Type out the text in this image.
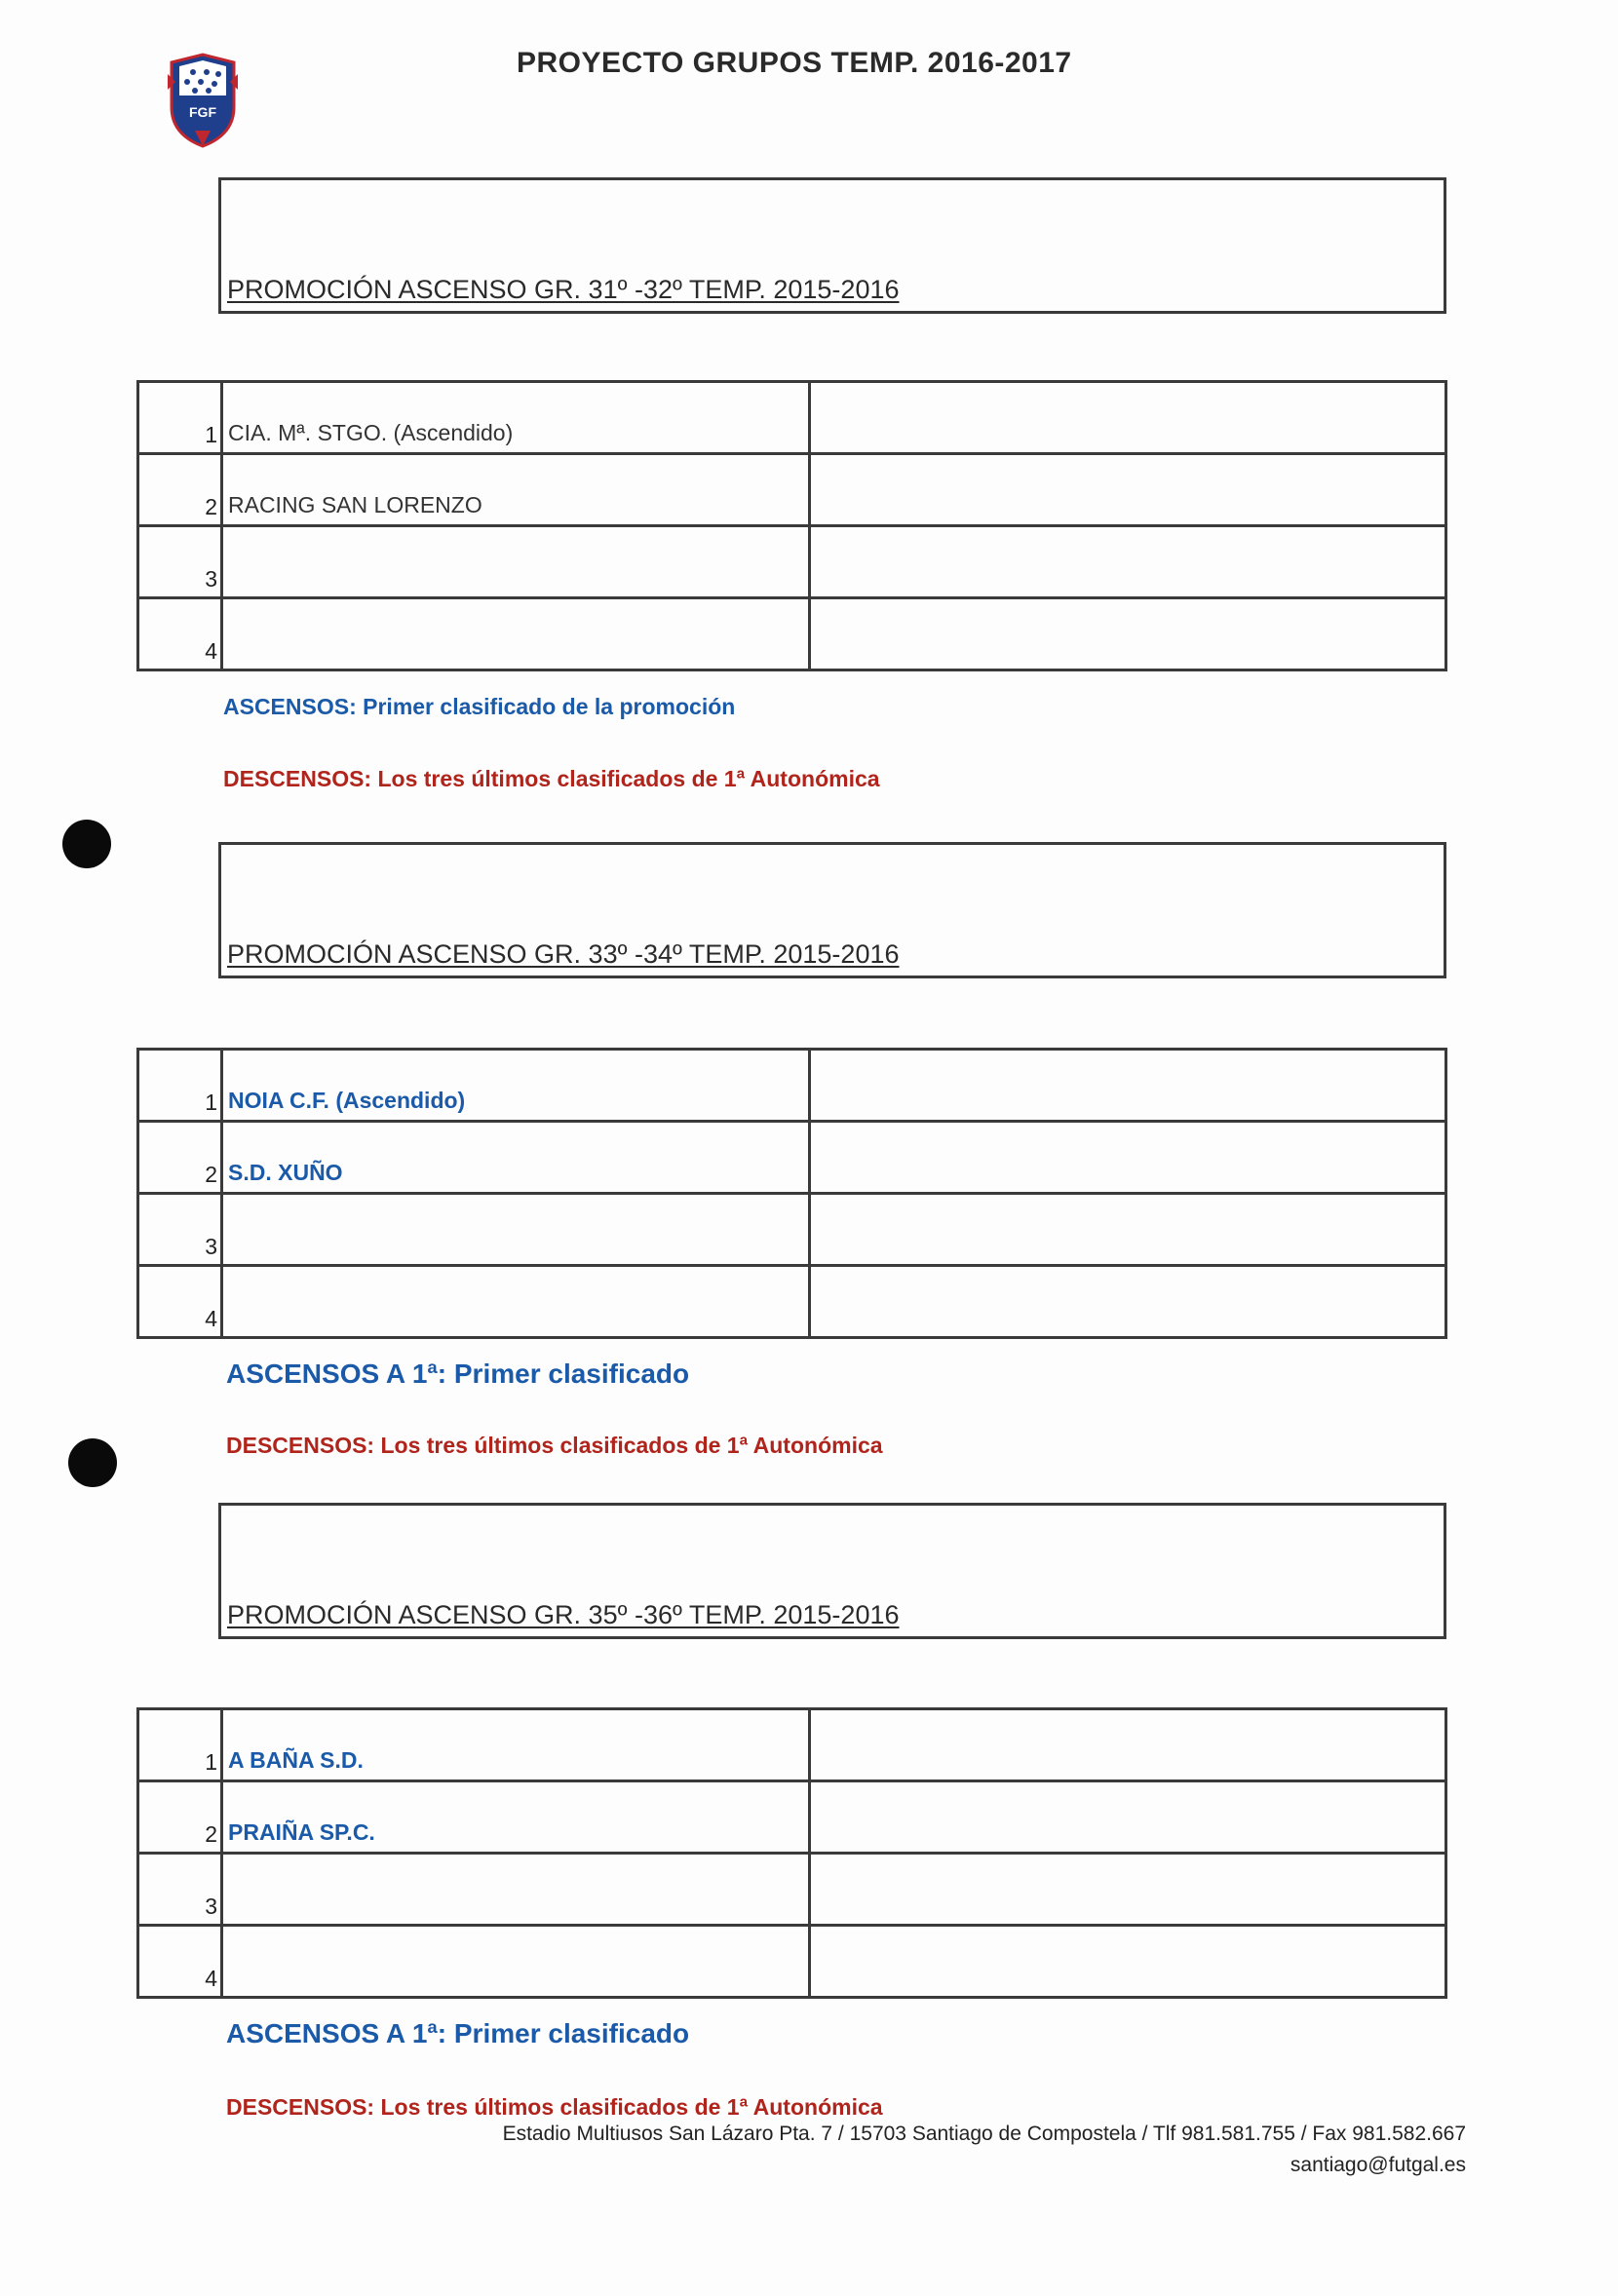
FGF
PROYECTO GRUPOS TEMP. 2016-2017
PROMOCIÓN ASCENSO GR. 31º -32º TEMP. 2015-2016
1	CIA. Mª. STGO. (Ascendido)	
2	RACING SAN LORENZO	
3		
4		
ASCENSOS: Primer clasificado de la promoción
DESCENSOS: Los tres últimos clasificados de 1ª Autonómica
PROMOCIÓN ASCENSO GR. 33º -34º TEMP. 2015-2016
1	NOIA C.F. (Ascendido)	
2	S.D. XUÑO	
3		
4		
ASCENSOS A 1ª: Primer clasificado
DESCENSOS: Los tres últimos clasificados de 1ª Autonómica
PROMOCIÓN ASCENSO GR. 35º -36º TEMP. 2015-2016
1	A BAÑA S.D.	
2	PRAIÑA SP.C.	
3		
4		
ASCENSOS A 1ª: Primer clasificado
DESCENSOS: Los tres últimos clasificados de 1ª Autonómica
Estadio Multiusos San Lázaro Pta. 7 / 15703 Santiago de Compostela / Tlf 981.581.755 / Fax 981.582.667
santiago@futgal.es
